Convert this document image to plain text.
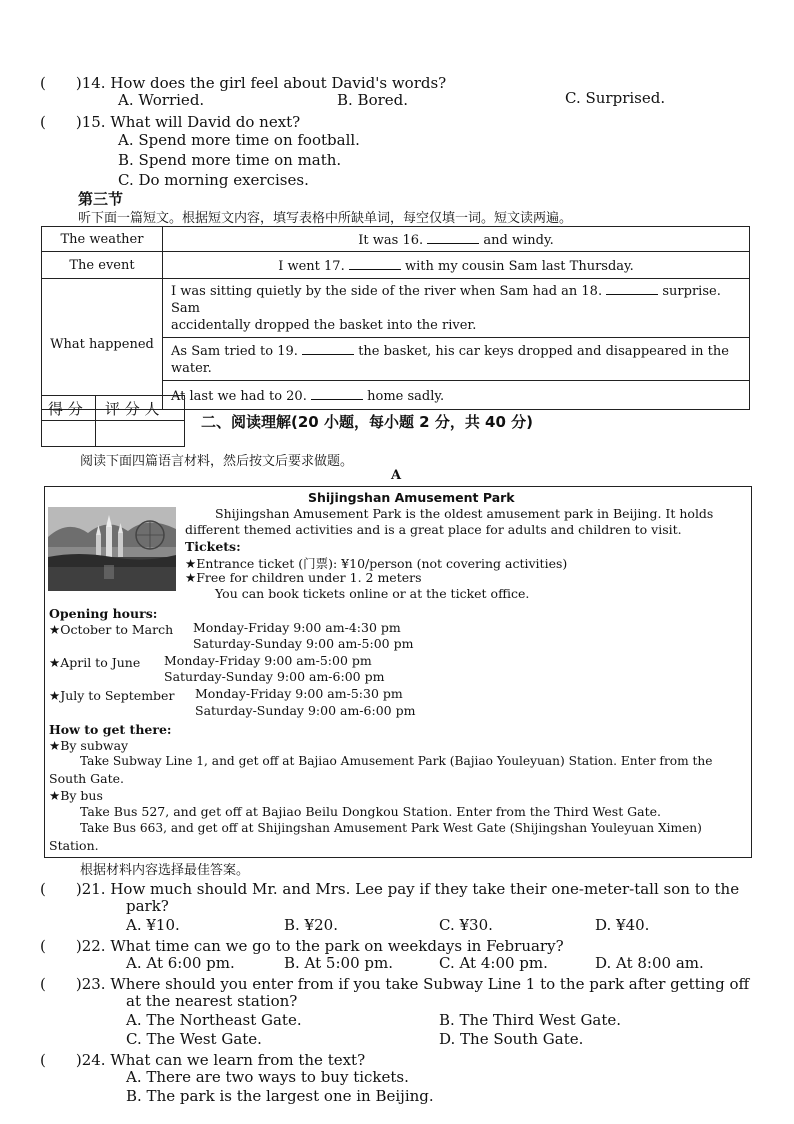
(　　)14. How does the girl feel about David's words?
A. Worried.	B. Bored.	C. Surprised.
(　　)15. What will David do next?
A. Spend more time on football.
B. Spend more time on math.
C. Do morning exercises.
第三节
听下面一篇短文。根据短文内容，填写表格中所缺单词，每空仅填一词。短文读两遍。
The weather	It was 16. and windy.
The event	I went 17. with my cousin Sam last Thursday.
What happened	I was sitting quietly by the side of the river when Sam had an 18. surprise. Sam
accidentally dropped the basket into the river.
	As Sam tried to 19. the basket, his car keys dropped and disappeared in the
water.
	At last we had to 20. home sadly.
得 分 评 分 人
二、阅读理解(20 小题，每小题 2 分，共 40 分)
阅读下面四篇语言材料，然后按文后要求做题。
A
Shijingshan Amusement Park
Shijingshan Amusement Park is the oldest amusement park in Beijing. It holds
different themed activities and is a great place for adults and children to visit.
Tickets:
★Entrance ticket (门票): ¥10/person (not covering activities)
★Free for children under 1. 2 meters
You can book tickets online or at the ticket office.
Opening hours:
★October to March Monday-Friday 9:00 am-4:30 pm
Saturday-Sunday 9:00 am-5:00 pm
★April to June Monday-Friday 9:00 am-5:00 pm
Saturday-Sunday 9:00 am-6:00 pm
★July to September Monday-Friday 9:00 am-5:30 pm
Saturday-Sunday 9:00 am-6:00 pm
How to get there:
★By subway
Take Subway Line 1, and get off at Bajiao Amusement Park (Bajiao Youleyuan) Station. Enter from the
South Gate.
★By bus
Take Bus 527, and get off at Bajiao Beilu Dongkou Station. Enter from the Third West Gate.
Take Bus 663, and get off at Shijingshan Amusement Park West Gate (Shijingshan Youleyuan Ximen)
Station.
根据材料内容选择最佳答案。
(　　)21. How much should Mr. and Mrs. Lee pay if they take their one-meter-tall son to the
park?
A. ¥10.	B. ¥20.	C. ¥30.	D. ¥40.
(　　)22. What time can we go to the park on weekdays in February?
A. At 6:00 pm.	B. At 5:00 pm.	C. At 4:00 pm.	D. At 8:00 am.
(　　)23. Where should you enter from if you take Subway Line 1 to the park after getting off
at the nearest station?
A. The Northeast Gate.	B. The Third West Gate.
C. The West Gate.	D. The South Gate.
(　　)24. What can we learn from the text?
A. There are two ways to buy tickets.
B. The park is the largest one in Beijing.
